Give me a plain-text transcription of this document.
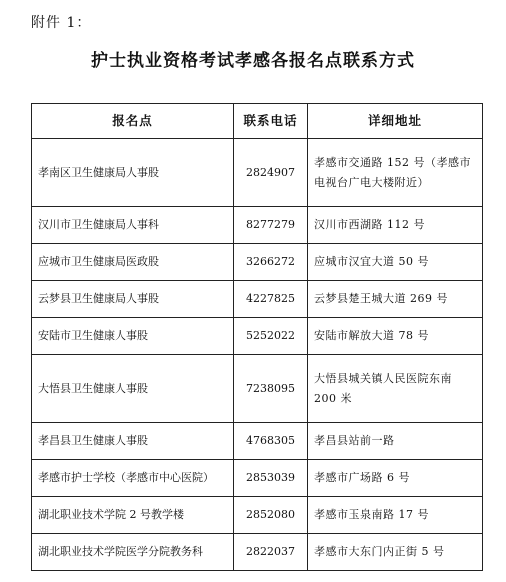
附件 1：
护士执业资格考试孝感各报名点联系方式
报名点	联系电话	详细地址
孝南区卫生健康局人事股	2824907	孝感市交通路 152 号（孝感市电视台广电大楼附近）
汉川市卫生健康局人事科	8277279	汉川市西湖路 112 号
应城市卫生健康局医政股	3266272	应城市汉宜大道 50 号
云梦县卫生健康局人事股	4227825	云梦县楚王城大道 269 号
安陆市卫生健康人事股	5252022	安陆市解放大道 78 号
大悟县卫生健康人事股	7238095	大悟县城关镇人民医院东南 200 米
孝昌县卫生健康人事股	4768305	孝昌县站前一路
孝感市护士学校（孝感市中心医院）	2853039	孝感市广场路 6 号
湖北职业技术学院 2 号教学楼	2852080	孝感市玉泉南路 17 号
湖北职业技术学院医学分院教务科	2822037	孝感市大东门内正街 5 号
